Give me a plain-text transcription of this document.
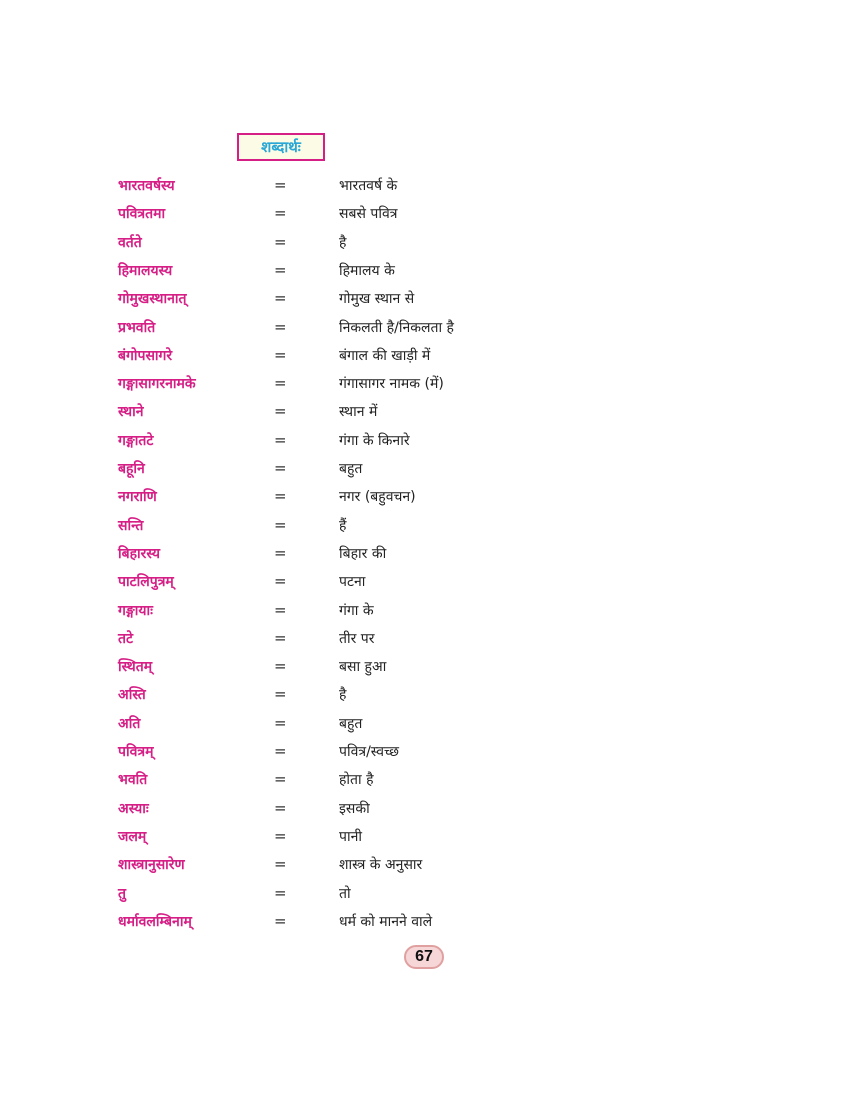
शब्दार्थः
भारतवर्षस्य	=	भारतवर्ष के
पवित्रतमा	=	सबसे पवित्र
वर्तते	=	है
हिमालयस्य	=	हिमालय के
गोमुखस्थानात्	=	गोमुख स्थान से
प्रभवति	=	निकलती है/निकलता है
बंगोपसागरे	=	बंगाल की खाड़ी में
गङ्गासागरनामके	=	गंगासागर नामक (में)
स्थाने	=	स्थान में
गङ्गातटे	=	गंगा के किनारे
बहूनि	=	बहुत
नगराणि	=	नगर (बहुवचन)
सन्ति	=	हैं
बिहारस्य	=	बिहार की
पाटलिपुत्रम्	=	पटना
गङ्गायाः	=	गंगा के
तटे	=	तीर पर
स्थितम्	=	बसा हुआ
अस्ति	=	है
अति	=	बहुत
पवित्रम्	=	पवित्र/स्वच्छ
भवति	=	होता है
अस्याः	=	इसकी
जलम्	=	पानी
शास्त्रानुसारेण	=	शास्त्र के अनुसार
तु	=	तो
धर्मावलम्बिनाम्	=	धर्म को मानने वाले
67
